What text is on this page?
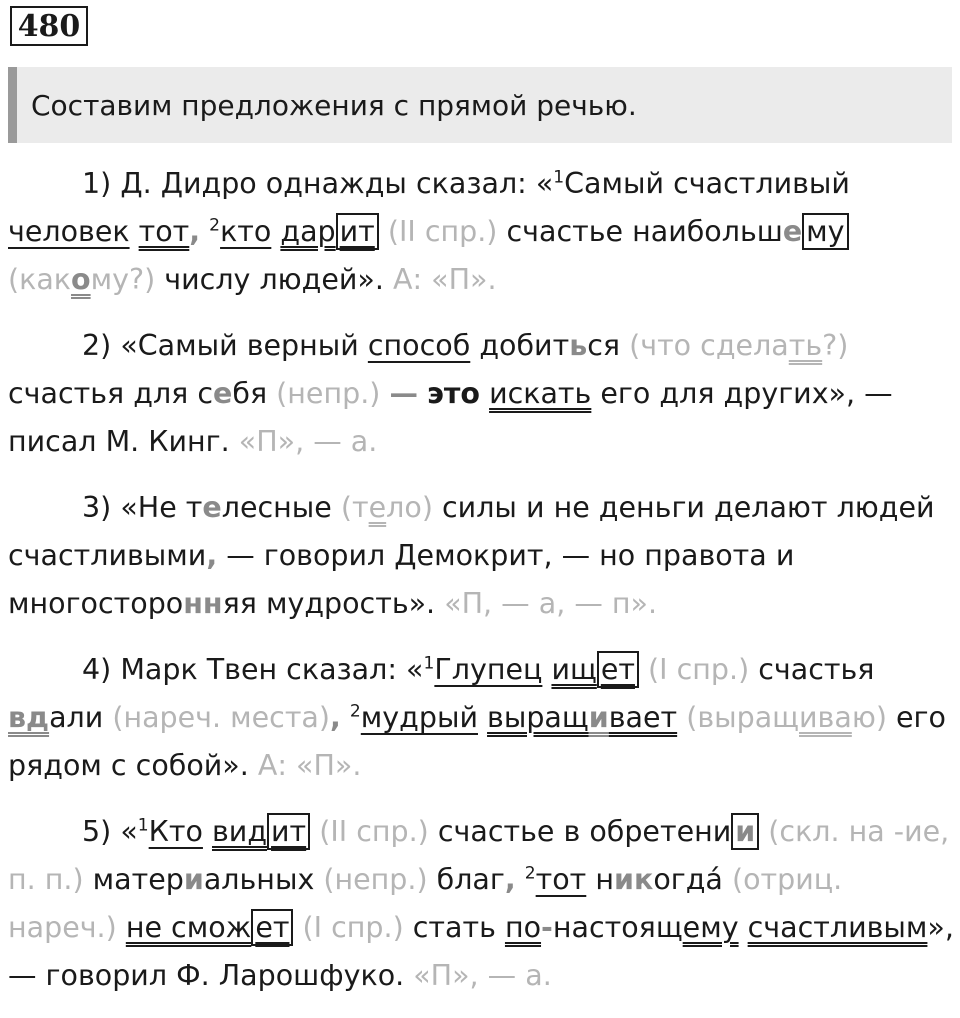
480
Составим предложения с прямой речью.

1) Д. Дидро однажды сказал: «$^1$Самый счастливый человек тот, $^2$кто дар ит (II спр.) счастье наибольше му (какому?) числу людей». А: «П».

2) «Самый верный способ добиться (что сделать?) счастья для себя (непр.) — это искать его для других», — писал М. Кинг. «П», — а.

3) «Не телесные (тело) силы и не деньги делают людей счастливыми, — говорил Демокрит, — но правота и многосторонняя мудрость». «П, — а, — п».

4) Марк Твен сказал: «$^1$Глупец ищ ет (I спр.) счастья вдали (нареч. места), $^2$мудрый выращивает (выращиваю) его рядом с собой». А: «П».

5) «$^1$Кто вид ит (II спр.) счастье в обретени и (скл. на -ие, п. п.) материальных (непр.) благ, $^2$тот никогда́ (отриц. нареч.) не смож ет (I спр.) стать по-настоящему счастливым», — говорил Ф. Ларошфуко. «П», — а.
